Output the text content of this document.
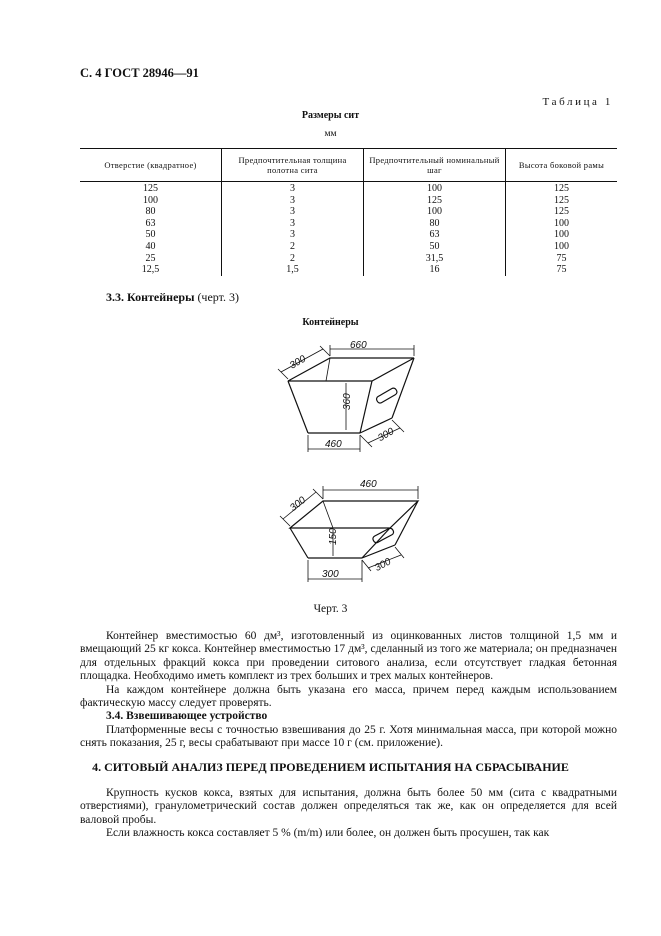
С. 4 ГОСТ 28946—91
Таблица 1
Размеры сит
мм
Отверстие (квадратное)	Предпочтительная толщина полотна сита	Предпочтительный номинальный шаг	Высота боковой рамы
125	3	100	125
100	3	125	125
80	3	100	125
63	3	80	100
50	3	63	100
40	2	50	100
25	2	31,5	75
12,5	1,5	16	75
3.3. Контейнеры (черт. 3)
Контейнеры
660
300
360
460
300
460
300
150
300
300
Черт. 3

Контейнер вместимостью 60 дм³, изготовленный из оцинкованных листов толщиной 1,5 мм и вмещающий 25 кг кокса. Контейнер вместимостью 17 дм³, сделанный из того же материала; он предназначен для отдельных фракций кокса при проведении ситового анализа, если отсутствует гладкая бетонная площадка. Необходимо иметь комплект из трех больших и трех малых контейнеров.

На каждом контейнере должна быть указана его масса, причем перед каждым использованием фактическую массу следует проверять.

3.4. Взвешивающее устройство

Платформенные весы с точностью взвешивания до 25 г. Хотя минимальная масса, при которой можно снять показания, 25 г, весы срабатывают при массе 10 г (см. приложение).

4. СИТОВЫЙ АНАЛИЗ ПЕРЕД ПРОВЕДЕНИЕМ ИСПЫТАНИЯ НА СБРАСЫВАНИЕ

Крупность кусков кокса, взятых для испытания, должна быть более 50 мм (сита с квадратными отверстиями), гранулометрический состав должен определяться так же, как он определяется для всей валовой пробы.

Если влажность кокса составляет 5 % (m/m) или более, он должен быть просушен, так как
